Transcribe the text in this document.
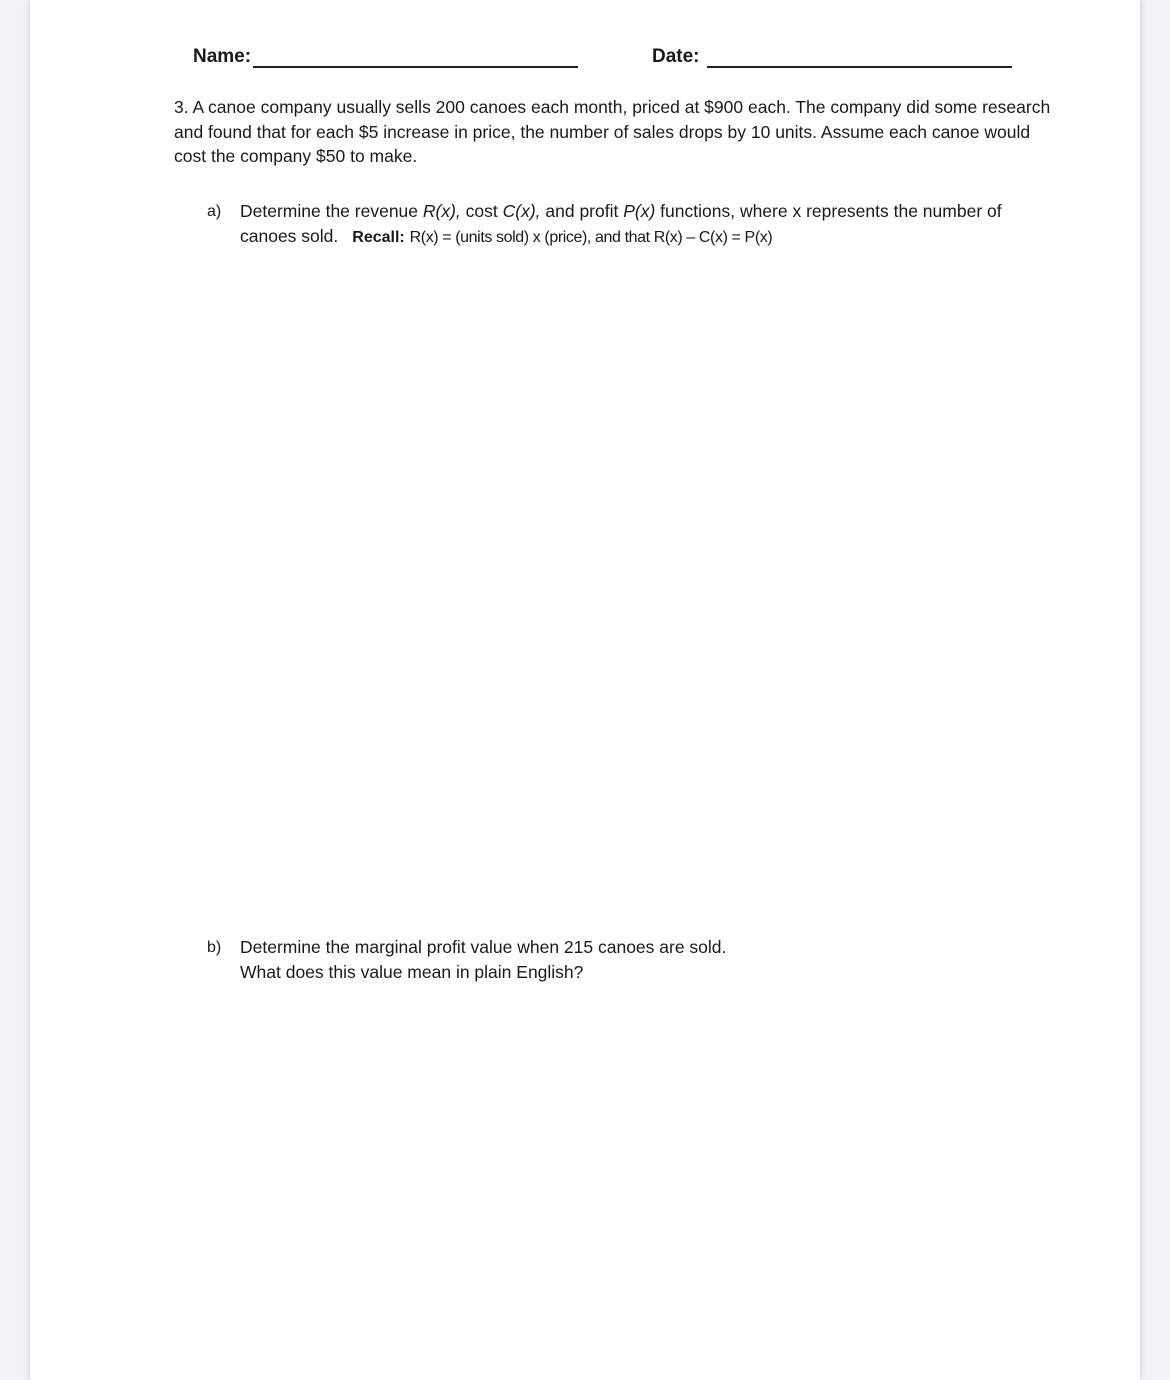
Name:	Date:
3. A canoe company usually sells 200 canoes each month, priced at $900 each. The company did some research and found that for each $5 increase in price, the number of sales drops by 10 units. Assume each canoe would cost the company $50 to make.
a) Determine the revenue R(x), cost C(x), and profit P(x) functions, where x represents the number of canoes sold. Recall: R(x) = (units sold) x (price), and that R(x) – C(x) = P(x)
b) Determine the marginal profit value when 215 canoes are sold.
What does this value mean in plain English?
